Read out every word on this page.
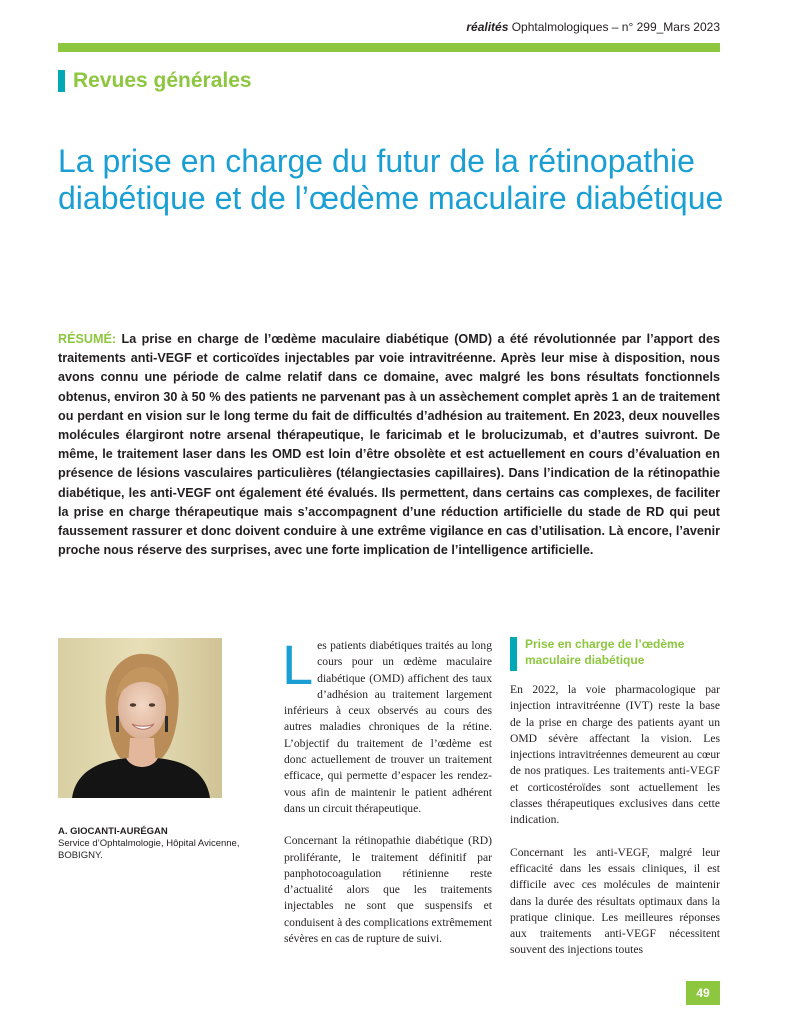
réalités Ophtalmologiques – n° 299_Mars 2023
Revues générales
La prise en charge du futur de la rétinopathie diabétique et de l’œdème maculaire diabétique
RÉSUMÉ: La prise en charge de l’œdème maculaire diabétique (OMD) a été révolutionnée par l’apport des traitements anti-VEGF et corticoïdes injectables par voie intravitréenne. Après leur mise à disposition, nous avons connu une période de calme relatif dans ce domaine, avec malgré les bons résultats fonctionnels obtenus, environ 30 à 50 % des patients ne parvenant pas à un assèchement complet après 1 an de traitement ou perdant en vision sur le long terme du fait de difficultés d’adhésion au traitement. En 2023, deux nouvelles molécules élargiront notre arsenal thérapeutique, le faricimab et le brolucizumab, et d’autres suivront. De même, le traitement laser dans les OMD est loin d’être obsolète et est actuellement en cours d’évaluation en présence de lésions vasculaires particulières (télangiectasies capillaires). Dans l’indication de la rétinopathie diabétique, les anti-VEGF ont également été évalués. Ils permettent, dans certains cas complexes, de faciliter la prise en charge thérapeutique mais s’accompagnent d’une réduction artificielle du stade de RD qui peut faussement rassurer et donc doivent conduire à une extrême vigilance en cas d’utilisation. Là encore, l’avenir proche nous réserve des surprises, avec une forte implication de l’intelligence artificielle.
A. GIOCANTI-AURÉGAN
Service d’Ophtalmologie, Hôpital Avicenne,
BOBIGNY.

Les patients diabétiques traités au long cours pour un œdème maculaire diabétique (OMD) affichent des taux d’adhésion au traitement largement inférieurs à ceux observés au cours des autres maladies chroniques de la rétine. L’objectif du traitement de l’œdème est donc actuellement de trouver un traitement efficace, qui permette d’espacer les rendez-vous afin de maintenir le patient adhérent dans un circuit thérapeutique.

Concernant la rétinopathie diabétique (RD) proliférante, le traitement définitif par panphotocoagulation rétinienne reste d’actualité alors que les traitements injectables ne sont que suspensifs et conduisent à des complications extrêmement sévères en cas de rupture de suivi.

Prise en charge de l’œdème maculaire diabétique

En 2022, la voie pharmacologique par injection intravitréenne (IVT) reste la base de la prise en charge des patients ayant un OMD sévère affectant la vision. Les injections intravitréennes demeurent au cœur de nos pratiques. Les traitements anti-VEGF et corticostéroïdes sont actuellement les classes thérapeutiques exclusives dans cette indication.

Concernant les anti-VEGF, malgré leur efficacité dans les essais cliniques, il est difficile avec ces molécules de maintenir dans la durée des résultats optimaux dans la pratique clinique. Les meilleures réponses aux traitements anti-VEGF nécessitent souvent des injections toutes

49
